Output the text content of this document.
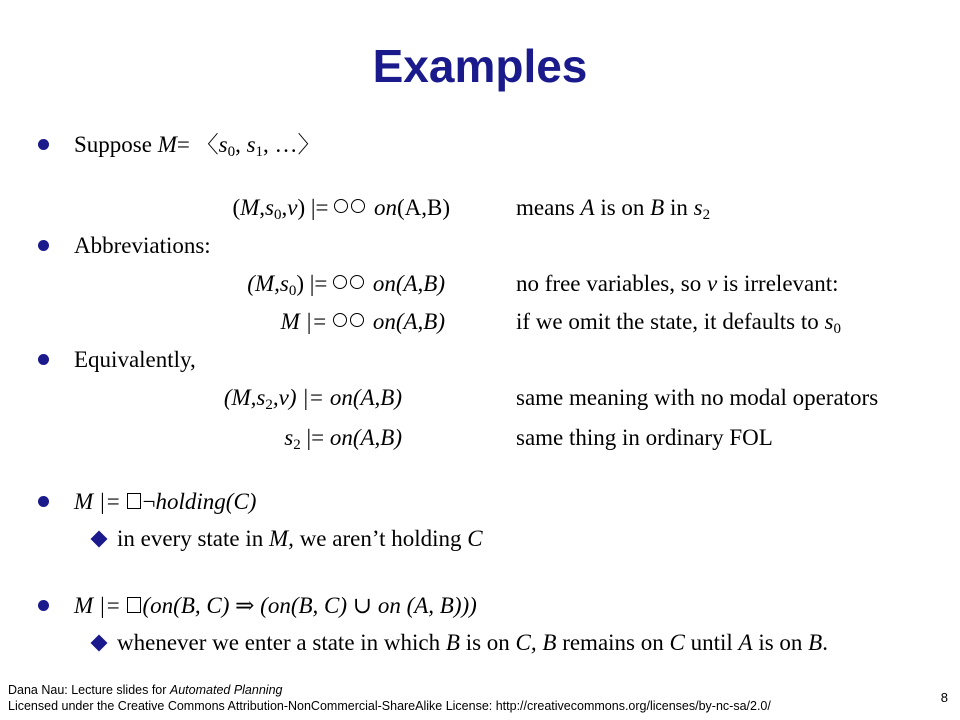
Examples
Suppose $M= 〈s_0$, $s_1$, …〉
$(M,s_0,v)$ |=  on(A,B)	means A is on B in $s_2$
Abbreviations:
$(M,s_0)$ |=  on(A,B)	no free variables, so v is irrelevant:
M |=  on(A,B)	if we omit the state, it defaults to $s_0$
Equivalently,
$(M,s_2,v)$ |= on(A,B)	same meaning with no modal operators
$s_2$ |= on(A,B)	same thing in ordinary FOL
M |= ¬holding(C)
in every state in M, we aren’t holding C
M |= (on(B, C) ⇒ (on(B, C) ∪ on (A, B)))
whenever we enter a state in which B is on C, B remains on C until A is on B.
Dana Nau: Lecture slides for Automated Planning
Licensed under the Creative Commons Attribution-NonCommercial-ShareAlike License: http://creativecommons.org/licenses/by-nc-sa/2.0/
8
